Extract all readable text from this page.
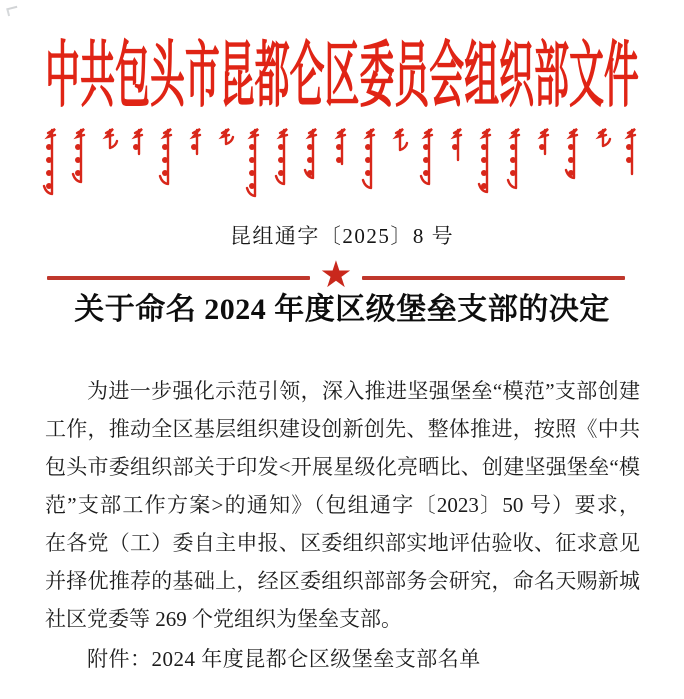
中共包头市昆都仑区委员会组织部文件
昆组通字〔2025〕8 号
★
关于命名 2024 年度区级堡垒支部的决定
为进一步强化示范引领，深入推进坚强堡垒“模范”支部创建
工作，推动全区基层组织建设创新创先、整体推进，按照《中共
包头市委组织部关于印发<开展星级化亮晒比、创建坚强堡垒“模
范”支部工作方案>的通知》（包组通字〔2023〕50 号）要求，
在各党（工）委自主申报、区委组织部实地评估验收、征求意见
并择优推荐的基础上，经区委组织部部务会研究，命名天赐新城
社区党委等 269 个党组织为堡垒支部。
附件：2024 年度昆都仑区级堡垒支部名单
